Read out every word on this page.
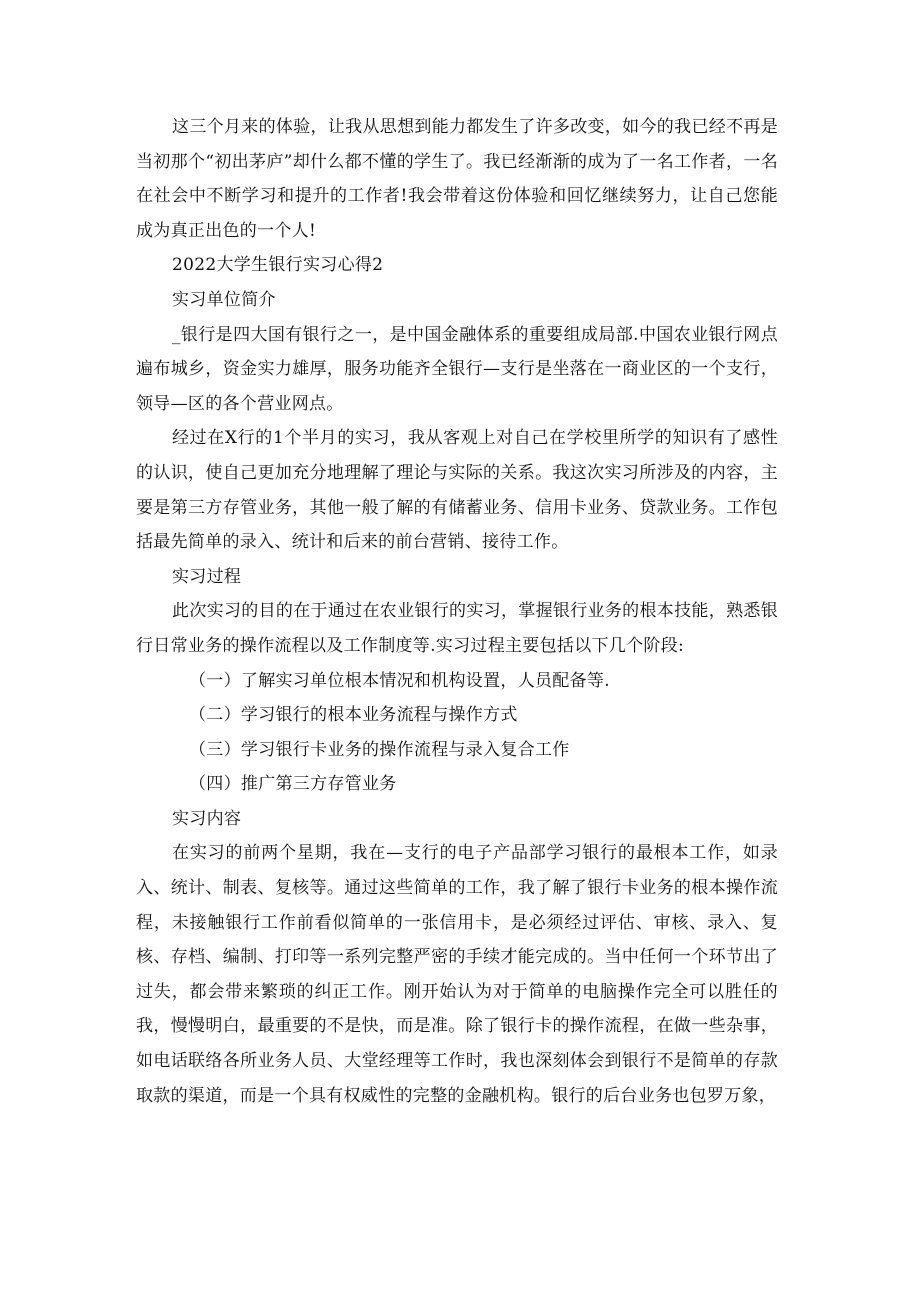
这三个月来的体验，让我从思想到能力都发生了许多改变，如今的我已经不再是当初那个“初出茅庐”却什么都不懂的学生了。我已经渐渐的成为了一名工作者，一名在社会中不断学习和提升的工作者!我会带着这份体验和回忆继续努力，让自己您能成为真正出色的一个人!

2022大学生银行实习心得2

实习单位简介

_银行是四大国有银行之一，是中国金融体系的重要组成局部.中国农业银行网点遍布城乡，资金实力雄厚，服务功能齐全银行—支行是坐落在一商业区的一个支行，领导—区的各个营业网点。

经过在X行的1个半月的实习，我从客观上对自己在学校里所学的知识有了感性的认识，使自己更加充分地理解了理论与实际的关系。我这次实习所涉及的内容，主要是第三方存管业务，其他一般了解的有储蓄业务、信用卡业务、贷款业务。工作包括最先简单的录入、统计和后来的前台营销、接待工作。

实习过程

此次实习的目的在于通过在农业银行的实习，掌握银行业务的根本技能，熟悉银行日常业务的操作流程以及工作制度等.实习过程主要包括以下几个阶段:

（一）了解实习单位根本情况和机构设置，人员配备等.

（二）学习银行的根本业务流程与操作方式

（三）学习银行卡业务的操作流程与录入复合工作

（四）推广第三方存管业务

实习内容

在实习的前两个星期，我在—支行的电子产品部学习银行的最根本工作，如录入、统计、制表、复核等。通过这些简单的工作，我了解了银行卡业务的根本操作流程，未接触银行工作前看似简单的一张信用卡，是必须经过评估、审核、录入、复核、存档、编制、打印等一系列完整严密的手续才能完成的。当中任何一个环节出了过失，都会带来繁琐的纠正工作。刚开始认为对于简单的电脑操作完全可以胜任的我，慢慢明白，最重要的不是快，而是准。除了银行卡的操作流程，在做一些杂事，如电话联络各所业务人员、大堂经理等工作时，我也深刻体会到银行不是简单的存款取款的渠道，而是一个具有权威性的完整的金融机构。银行的后台业务也包罗万象，
